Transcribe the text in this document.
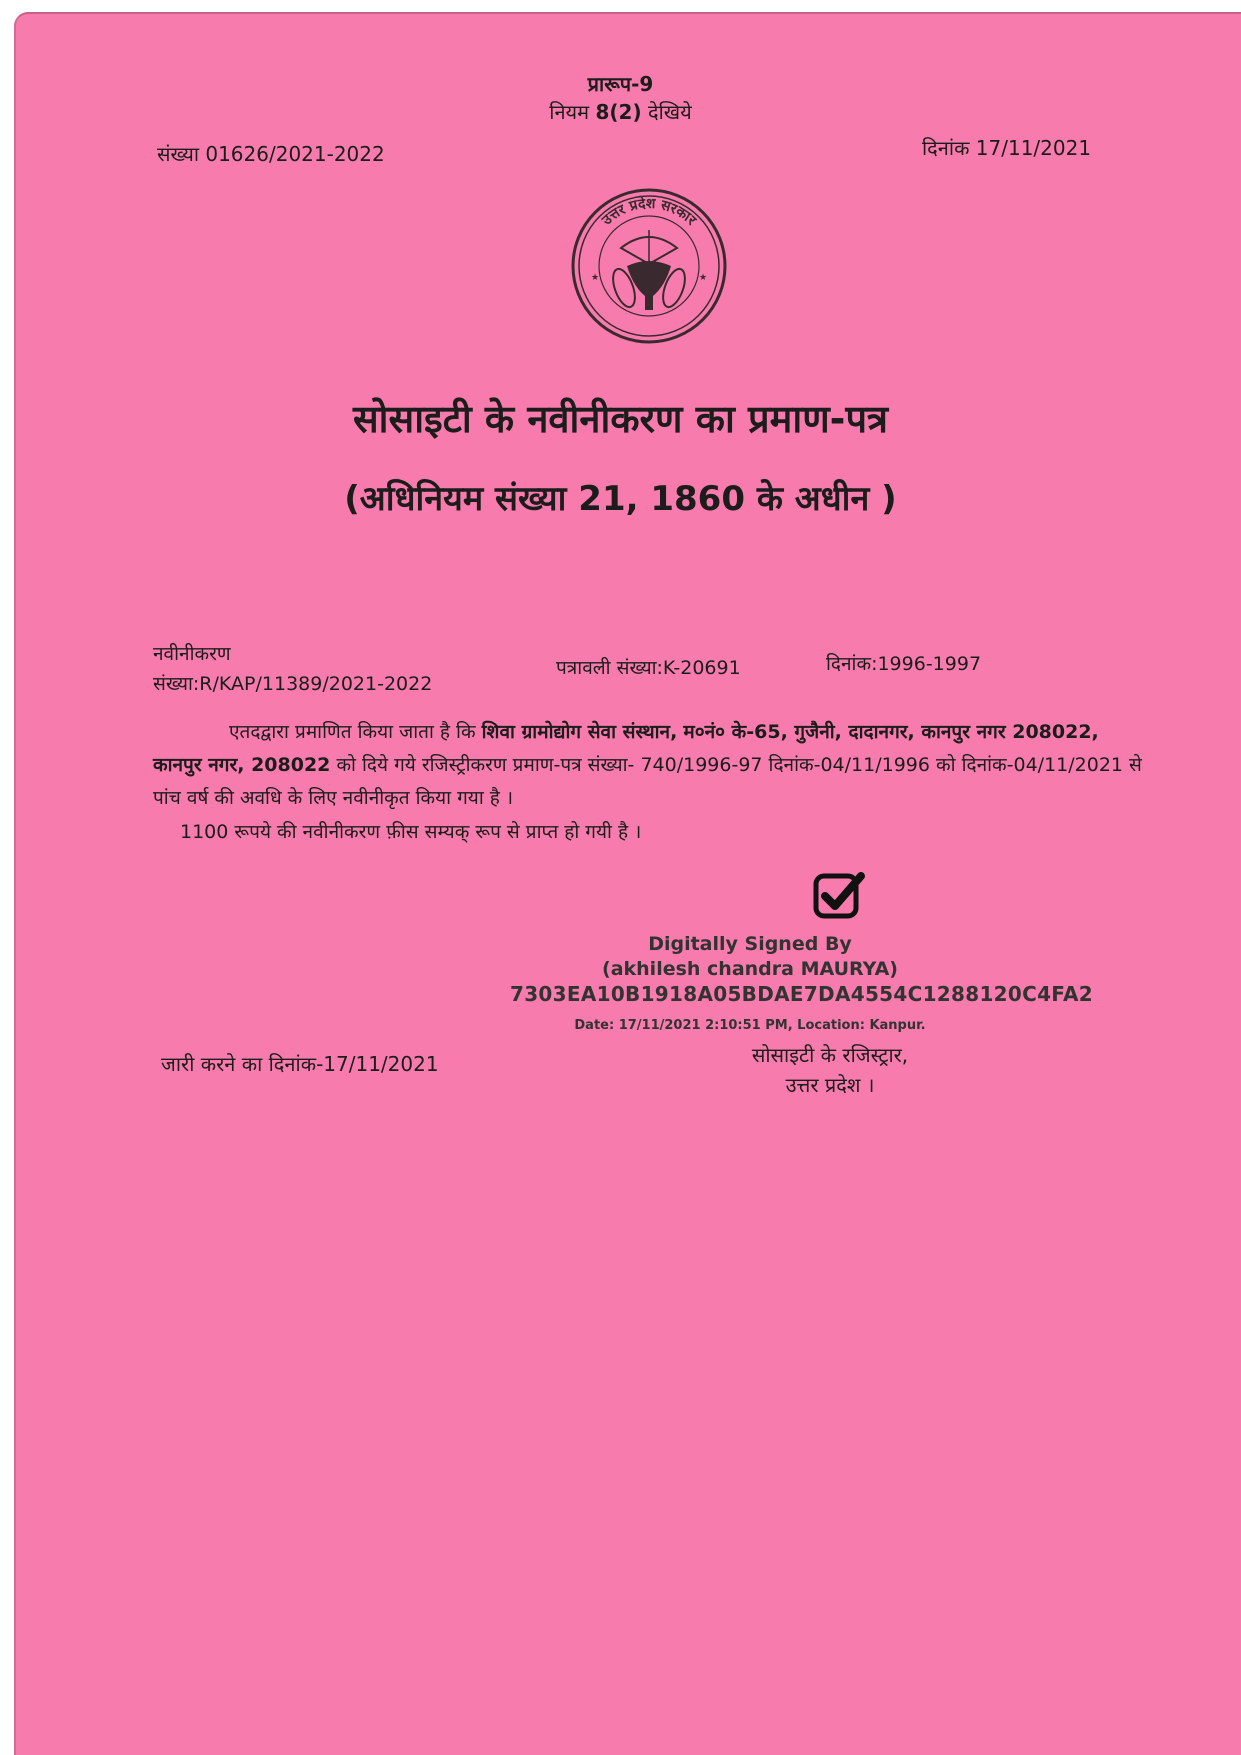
प्रारूप-9
नियम 8(2) देखिये
संख्या 01626/2021-2022	दिनांक 17/11/2021
उत्तर प्रदेश सरकार
★	★
सोसाइटी के नवीनीकरण का प्रमाण-पत्र
(अधिनियम संख्या 21, 1860 के अधीन )
नवीनीकरण
संख्या:R/KAP/11389/2021-2022
पत्रावली संख्या:K-20691	दिनांक:1996-1997
एतदद्वारा प्रमाणित किया जाता है कि शिवा ग्रामोद्योग सेवा संस्थान, म०नं० के-65, गुजैनी, दादानगर, कानपुर नगर 208022, कानपुर नगर, 208022 को दिये गये रजिस्ट्रीकरण प्रमाण-पत्र संख्या- 740/1996-97 दिनांक-04/11/1996 को दिनांक-04/11/2021 से पांच वर्ष की अवधि के लिए नवीनीकृत किया गया है ।
1100 रूपये की नवीनीकरण फ़ीस सम्यक् रूप से प्राप्त हो गयी है ।
Digitally Signed By
(akhilesh chandra MAURYA)
7303EA10B1918A05BDAE7DA4554C1288120C4FA2
Date: 17/11/2021 2:10:51 PM, Location: Kanpur.
जारी करने का दिनांक-17/11/2021	सोसाइटी के रजिस्ट्रार,
उत्तर प्रदेश ।
